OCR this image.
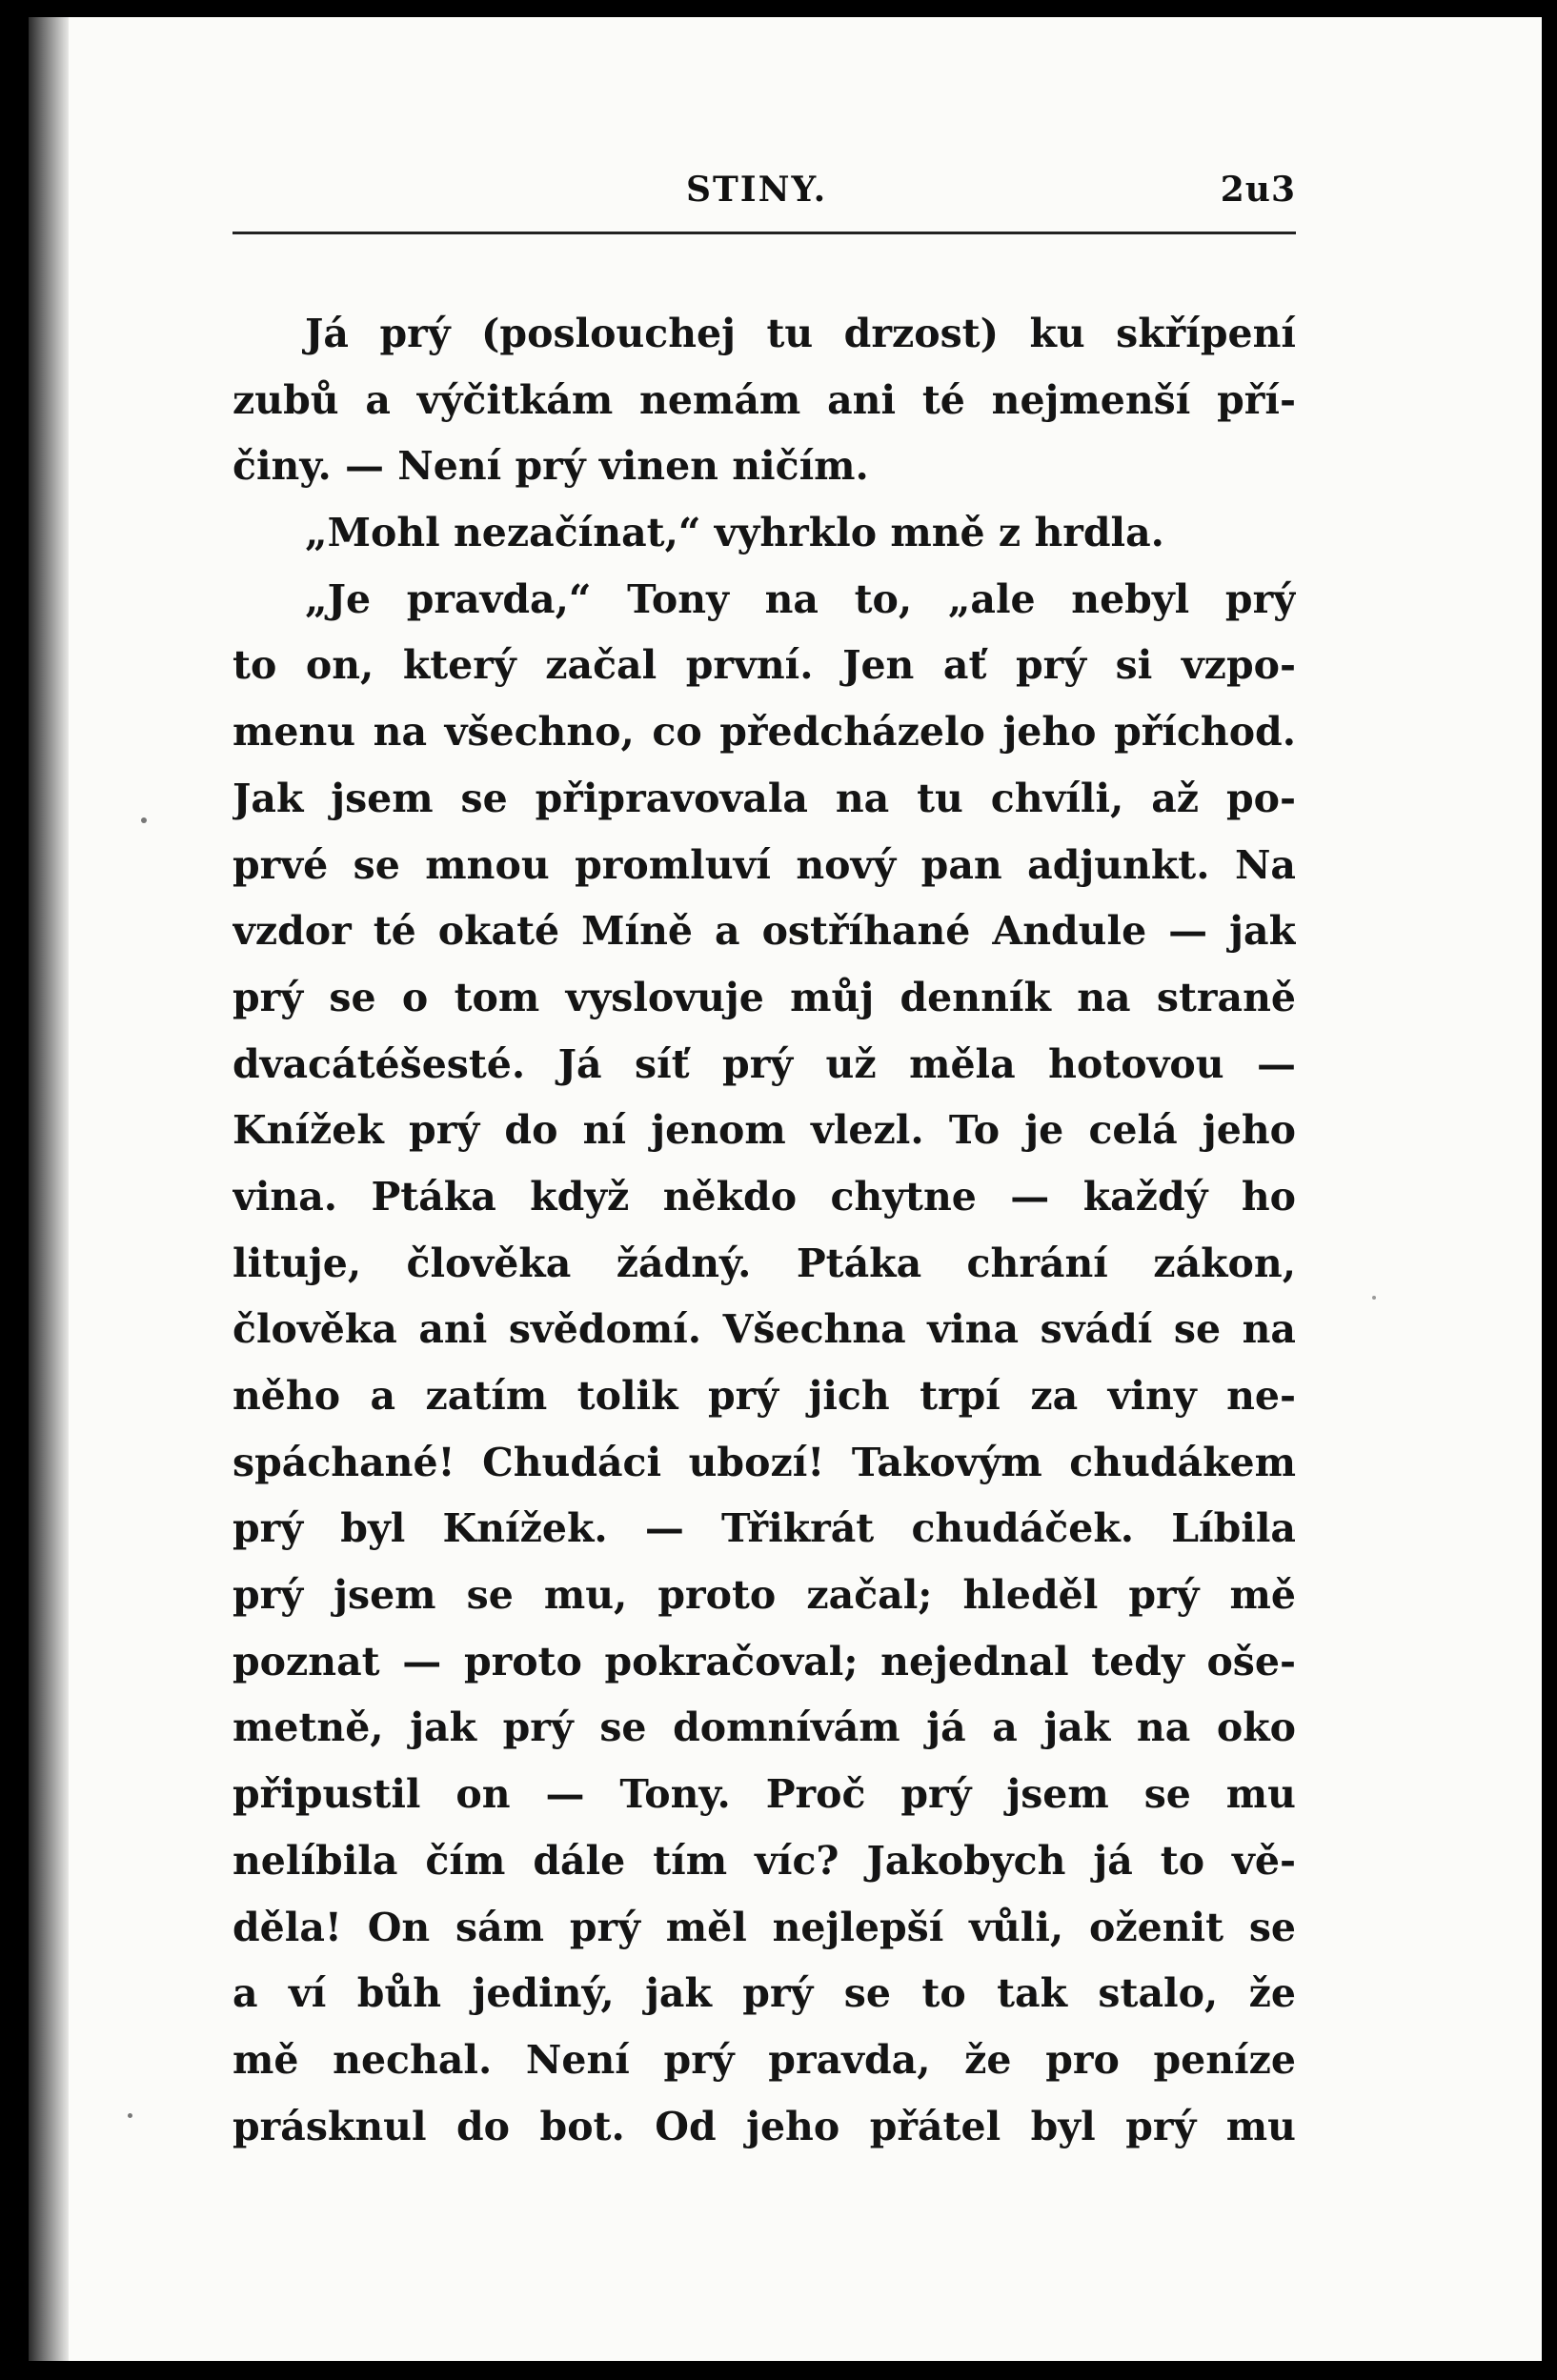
STINY.	2u3
Já prý (poslouchej tu drzost) ku skřípení
zubů a výčitkám nemám ani té nejmenší pří-
činy. — Není prý vinen ničím.
„Mohl nezačínat,“ vyhrklo mně z hrdla.
„Je pravda,“ Tony na to, „ale nebyl prý
to on, který začal první. Jen ať prý si vzpo-
menu na všechno, co předcházelo jeho příchod.
Jak jsem se připravovala na tu chvíli, až po-
prvé se mnou promluví nový pan adjunkt. Na
vzdor té okaté Míně a ostříhané Andule — jak
prý se o tom vyslovuje můj denník na straně
dvacátéšesté. Já síť prý už měla hotovou —
Knížek prý do ní jenom vlezl. To je celá jeho
vina. Ptáka když někdo chytne — každý ho
lituje, člověka žádný. Ptáka chrání zákon,
člověka ani svědomí. Všechna vina svádí se na
něho a zatím tolik prý jich trpí za viny ne-
spáchané! Chudáci ubozí! Takovým chudákem
prý byl Knížek. — Třikrát chudáček. Líbila
prý jsem se mu, proto začal; hleděl prý mě
poznat — proto pokračoval; nejednal tedy oše-
metně, jak prý se domnívám já a jak na oko
připustil on — Tony. Proč prý jsem se mu
nelíbila čím dále tím víc? Jakobych já to vě-
děla! On sám prý měl nejlepší vůli, oženit se
a ví bůh jediný, jak prý se to tak stalo, že
mě nechal. Není prý pravda, že pro peníze
prásknul do bot. Od jeho přátel byl prý mu
